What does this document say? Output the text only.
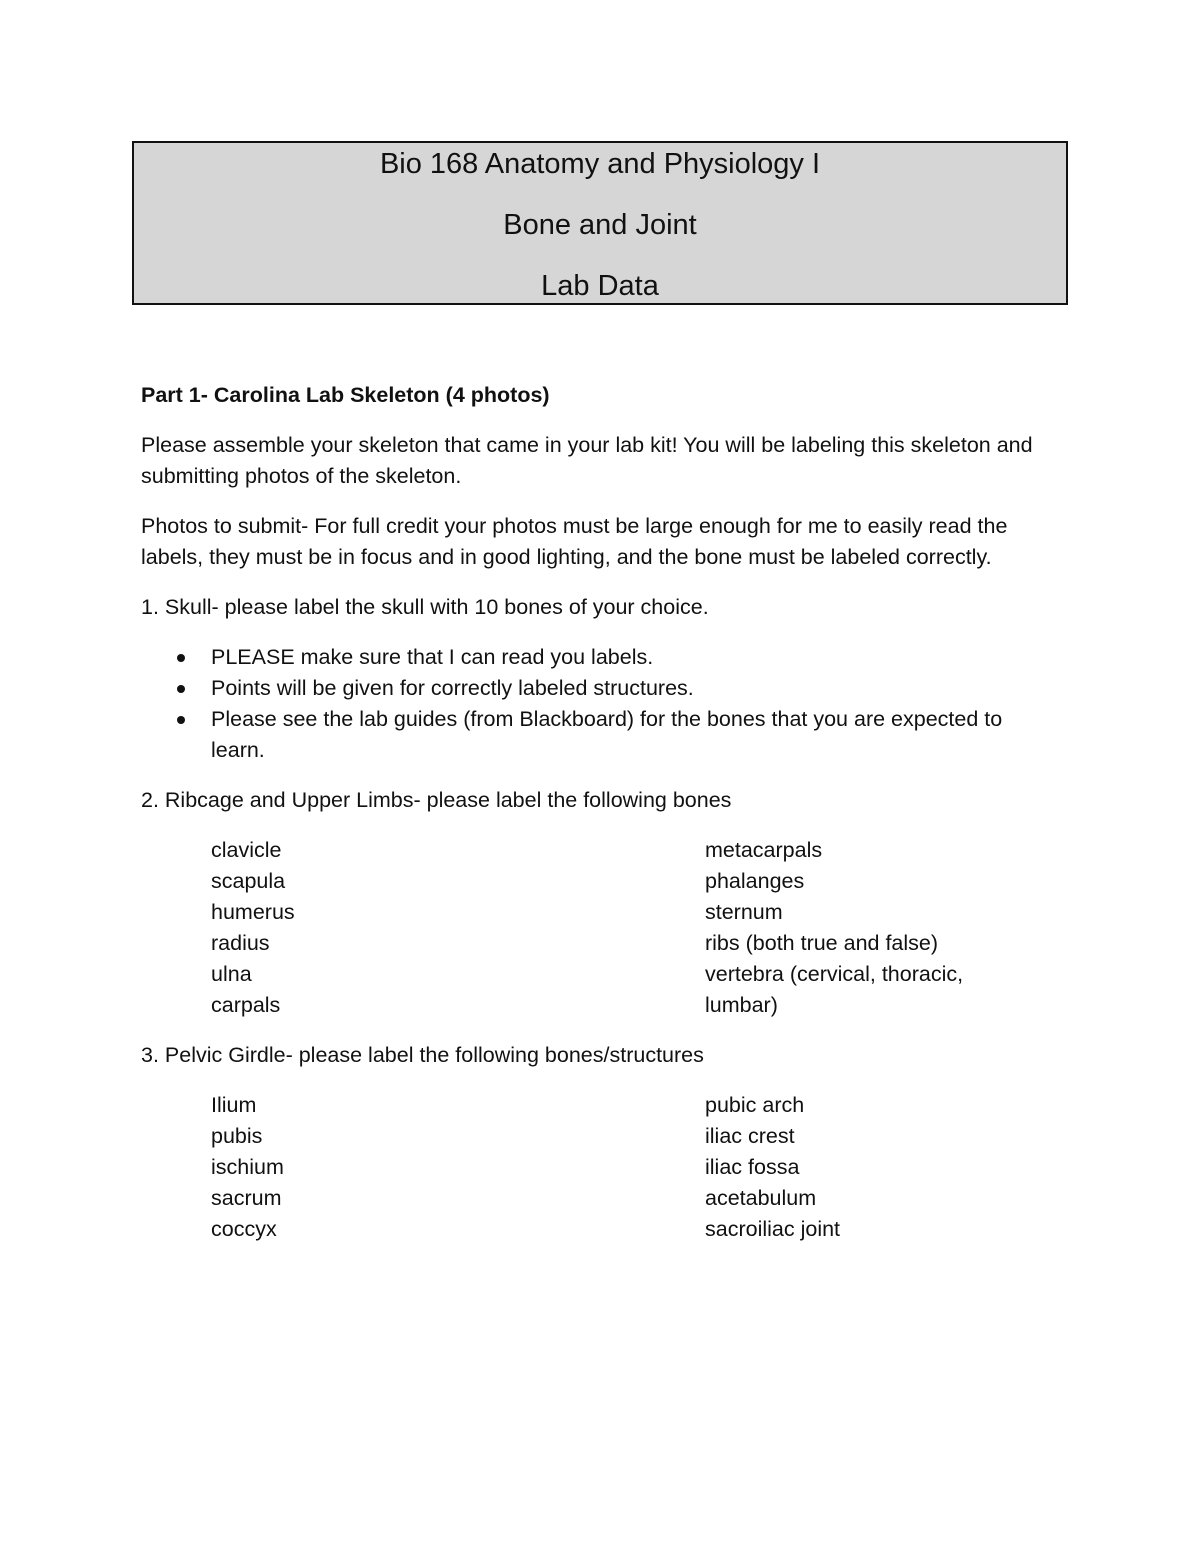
Bio 168 Anatomy and Physiology I
Bone and Joint
Lab Data
Part 1- Carolina Lab Skeleton (4 photos)

Please assemble your skeleton that came in your lab kit! You will be labeling this skeleton and submitting photos of the skeleton.

Photos to submit- For full credit your photos must be large enough for me to easily read the labels, they must be in focus and in good lighting, and the bone must be labeled correctly.

1. Skull- please label the skull with 10 bones of your choice.

PLEASE make sure that I can read you labels.
Points will be given for correctly labeled structures.
Please see the lab guides (from Blackboard) for the bones that you are expected to learn.

2. Ribcage and Upper Limbs- please label the following bones

clavicle
scapula
humerus
radius
ulna
carpals
metacarpals
phalanges
sternum
ribs (both true and false)
vertebra (cervical, thoracic,
lumbar)

3. Pelvic Girdle- please label the following bones/structures

Ilium
pubis
ischium
sacrum
coccyx
pubic arch
iliac crest
iliac fossa
acetabulum
sacroiliac joint
